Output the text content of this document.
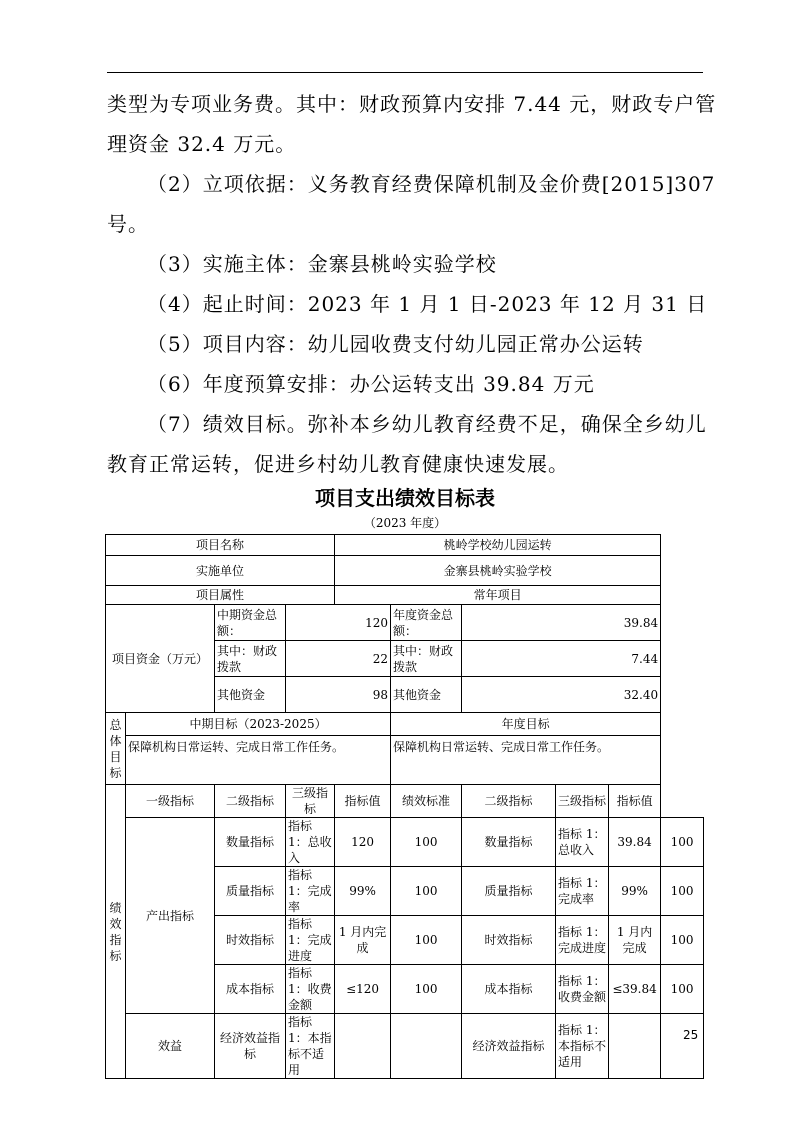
类型为专项业务费。其中：财政预算内安排 7.44 元，财政专户管

理资金 32.4 万元。

（2）立项依据：义务教育经费保障机制及金价费[2015]307

号。

（3）实施主体：金寨县桃岭实验学校

（4）起止时间：2023 年 1 月 1 日-2023 年 12 月 31 日

（5）项目内容：幼儿园收费支付幼儿园正常办公运转

（6）年度预算安排：办公运转支出 39.84 万元

（7）绩效目标。弥补本乡幼儿教育经费不足，确保全乡幼儿

教育正常运转，促进乡村幼儿教育健康快速发展。

项目支出绩效目标表
（2023 年度）
项目名称				桃岭学校幼儿园运转					
实施单位				金寨县桃岭实验学校					
项目属性				常年项目					
项目资金（万元）		中期资金总额：	120		年度资金总额：	39.84			
		其中：财政拨款	22		其中：财政拨款	7.44			
		其他资金	98		其他资金	32.40			
总体目标	中期目标（2023-2025）				年度目标				
	保障机构日常运转、完成日常工作任务。				保障机构日常运转、完成日常工作任务。				
绩效指标	一级指标	二级指标	三级指标	指标值	绩效标准	二级指标	三级指标	指标值	
	产出指标	数量指标	指标 1：总收入	120	100	数量指标	指标 1：总收入	39.84	100
		质量指标	指标 1：完成率	99%	100	质量指标	指标 1：完成率	99%	100
		时效指标	指标 1：完成进度	1 月内完成	100	时效指标	指标 1：完成进度	1 月内完成	100
		成本指标	指标 1：收费金额	≤120	100	成本指标	指标 1：收费金额	≤39.84	100
	效益	经济效益指标	指标 1：本指标不适用			经济效益指标	指标 1：本指标不适用		
25
